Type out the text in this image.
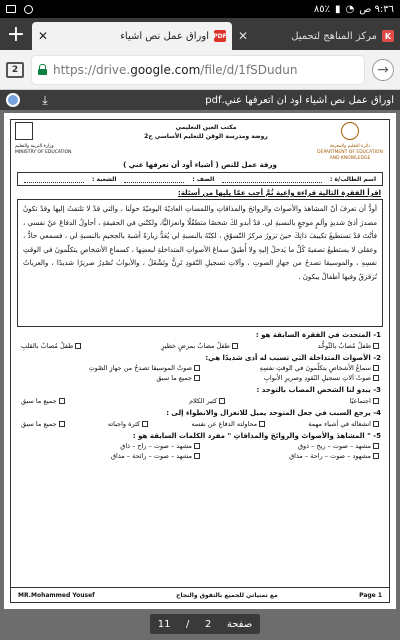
٨٥٪ ▮ ◔ ٩:٣٦ ص
+	✕	أوراق عمل نص أشياء PDF ✕	مركز المناهج لتحميل K
2	https://drive.google.com/file/d/1fSDudun	→
⤓	أوراق عمل نص أشياء أود أن أتعرفها عني.pdf

دائرة التعليم والمعرفة
DEPARTMENT OF EDUCATION
AND KNOWLEDGE
مكتب العين التعليمي
روضة ومدرسة الوقن للتعليم الأساسي ح2

وزارة التربية والتعليم
MINISTRY OF EDUCATION
ورقة عمل للنص ( أشياء أود أن تعرفها عني )
اسم الطالب/ة :
الصف :
الشعبة :
اقرأ الفقرة التالية قراءة واعية ثُمَّ أجب عمّا يليها من أسئلة:
أودُّ أن تعرفَ أنّ المشاهدَ والأصواتَ والروائحَ والمذاقاتِ واللمساتِ العاديّةَ اليوميّةَ حولَنا ، والتي قدْ لا تلتفتُ إليها وقدْ تكونُ مصدرَ أذىً شديدٍ وألمٍ موجعٍ بالنسبةِ لي. قدْ أبدو لكَ شخصًا متطفّلًا وانعزاليًّا، ولكنّني في الحقيقةِ ، أحاولُ الدفاعَ عنْ نفسي ، فأنْتَ قدْ تستطيعُ تكييفَ ذاتِكَ حينَ تزورُ مركزَ التّسوّقِ ، لكنّهُ بالنسبةِ لي يُعَدُّ زيارةً أشبهَ بالجحيمِ بالنسبةِ لي ، فسمعي حادٌّ ، وعقلي لا يستطيعُ تصفيةَ كُلِّ ما يَدخلُ إليهِ ولا أُطيقُ سماعَ الأصواتِ المتداخلةِ لبعضِها ، كسماعِ الأشخاصِ يتكلّمونَ في الوقتِ نفسِهِ ، والموسيقا تصدحُ من جهازِ الصوتِ ، وآلاتِ تسجيلِ النّقودِ تَرِنُّ وتَشْغَلُ ، والأبوابُ تُصْدِرُ صريرًا شديدًا ، والعرباتُ تُزقزقُ وفيها أطفالٌ يبكونَ .
1- المتحدث في الفقرة السابقة هو :
طفلٌ مُصابٌ بالتَّوحُّد
طفلٌ مصابٌ بمرضٍ خطيرٍ
طفلٌ مُصابٌ بالقلبِ
2- الأصوات المتداخلة التي تسبب له أذى شديدًا هي:
سماعُ الأشخاصِ يتكلّمونَ في الوقتِ نفسِهِ
صوتُ الموسيقا تصدحُ من جهازِ الصّوتِ
صوتُ آلاتِ تسجيلِ النّقودِ وصريرِ الأبوابِ
جميع ما سبق
3- يبدو لنا الشخص المصاب بالتوحد :
اجتماعيًا
كثير الكلام
جميع ما سبق
4- يرجع السبب في جعل المتوحد يميل للانعزال والانطواء إلى :
انشغاله في أشياء مهمة
محاولته الدفاع عن نفسه
كثرة واجباته
جميع ما سبق
5- " المشاهدَ والأصواتَ والروائحَ والمذاقاتِ " مفرد الكلمات السابقة هو :
مشهد – صوت – ريح – ذوق
مشهد – صوت – راح – ذاق
مشهود – صوت – راحة – مذاق
مشهد – صوت – رائحة – مذاق
Page 1
مع تمنياتي للجميع بالتفوق والنجاح
MR.Mohammed Yousef
صفحة
2
/
11
